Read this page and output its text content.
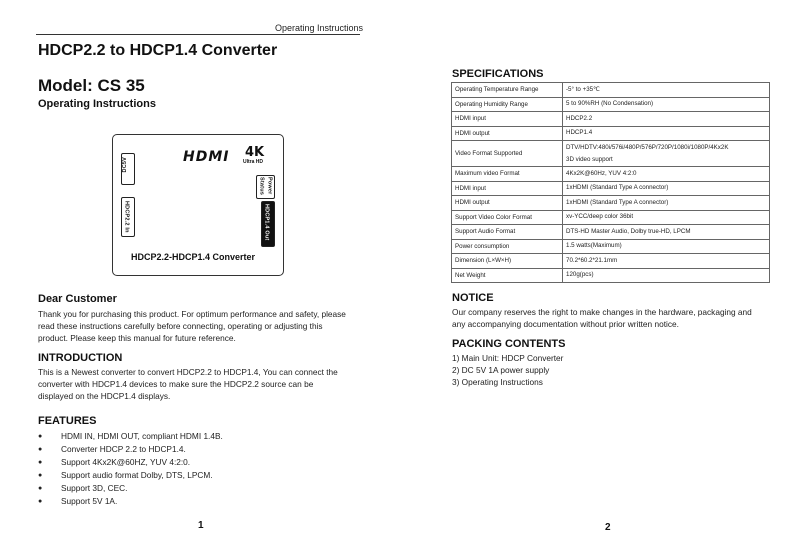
Operating Instructions
HDCP2.2 to HDCP1.4 Converter
Model: CS 35
Operating Instructions
DC5V
HDCP2.2 In
HDMI 4K
Ultra HD
Status Power
HDCP1.4 Out
HDCP2.2-HDCP1.4 Converter
Dear Customer
Thank you for purchasing this product. For optimum performance and safety, please
read these instructions carefully before connecting, operating or adjusting this
product. Please keep this manual for future reference.
INTRODUCTION
This is a Newest converter to convert HDCP2.2 to HDCP1.4, You can connect the
converter with HDCP1.4 devices to make sure the HDCP2.2 source can be
displayed on the HDCP1.4 displays.
FEATURES
● HDMI IN, HDMI OUT, compliant HDMI 1.4B.
● Converter HDCP 2.2 to HDCP1.4.
● Support 4Kx2K@60HZ, YUV 4:2:0.
● Support audio format Dolby, DTS, LPCM.
● Support 3D, CEC.
● Support 5V 1A.
1
SPECIFICATIONS
Operating Temperature Range	-5° to +35℃

Operating Humidity Range	5 to 90%RH (No Condensation)

HDMI input	HDCP2.2

HDMI output	HDCP1.4

Video Format Supported	DTV/HDTV:480i/576i/480P/576P/720P/1080i/1080P/4Kx2K
3D video support

Maximum video Format	4Kx2K@60Hz, YUV 4:2:0

HDMI input	1xHDMI (Standard Type A connector)

HDMI output	1xHDMI (Standard Type A connector)

Support Video Color Format	xv-YCC/deep color 36bit

Support Audio Format	DTS-HD Master Audio, Dolby true-HD, LPCM

Power consumption	1.5 watts(Maximum)

Dimension (L×W×H)	70.2*60.2*21.1mm

Net Weight	120g(pcs)
NOTICE
Our company reserves the right to make changes in the hardware, packaging and
any accompanying documentation without prior written notice.
PACKING CONTENTS
1) Main Unit: HDCP Converter
2) DC 5V 1A power supply
3) Operating Instructions
2
